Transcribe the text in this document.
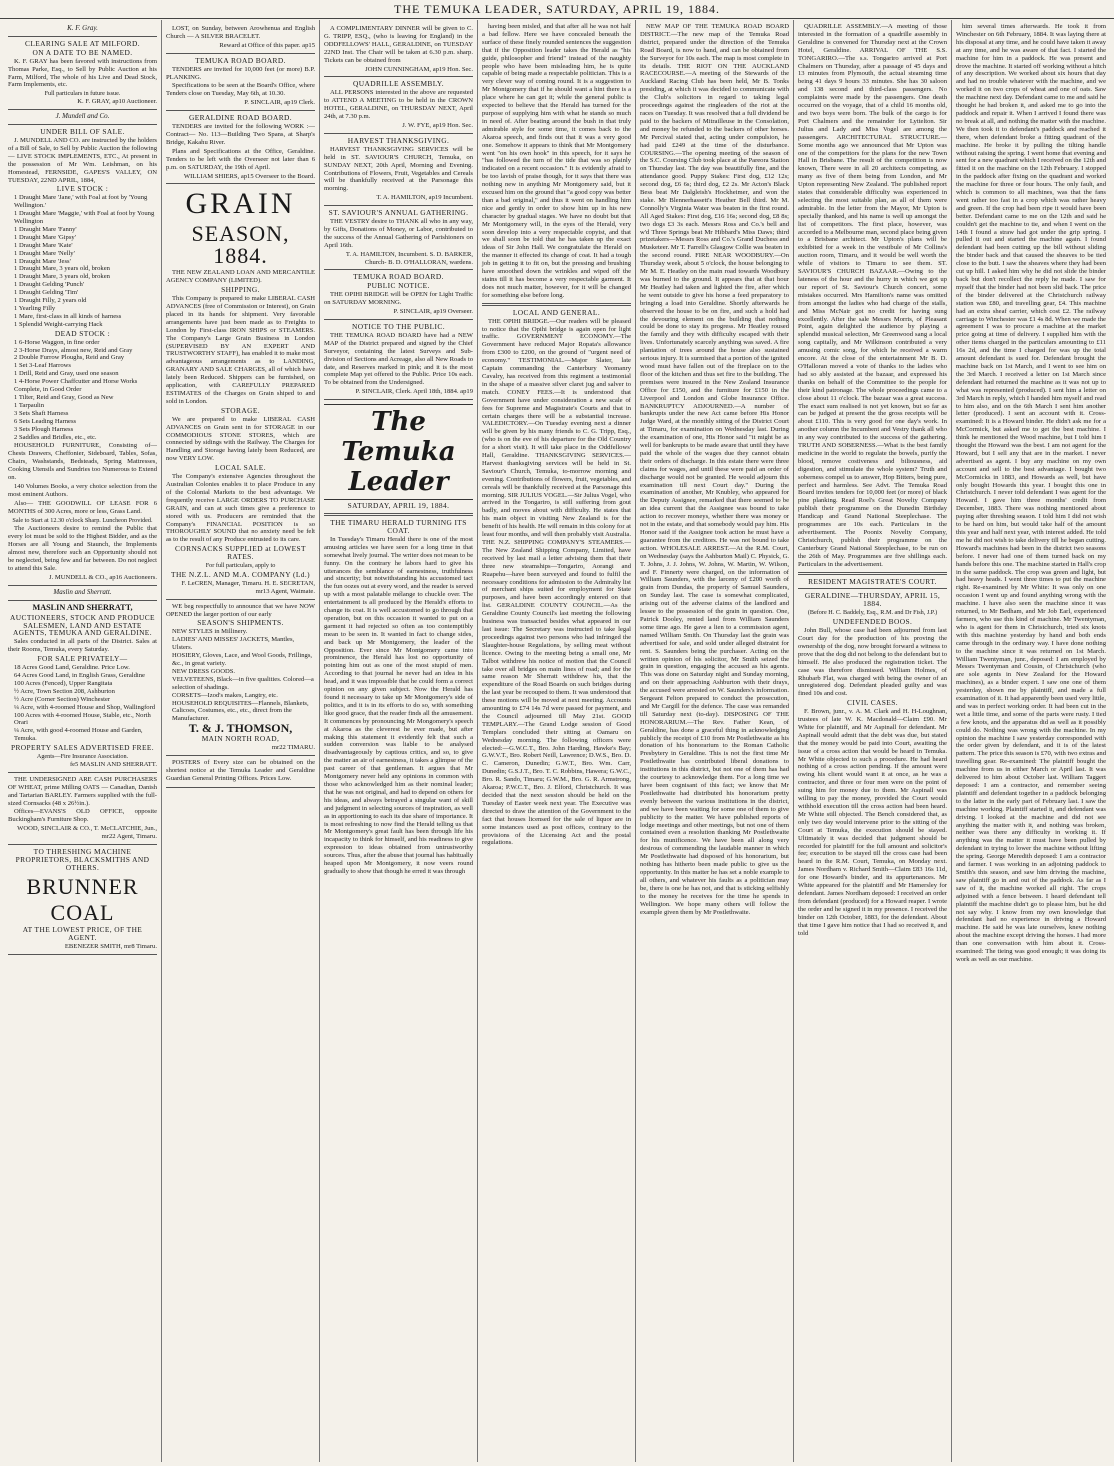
THE TEMUKA LEADER, SATURDAY, APRIL 19, 1884.
K. F. Gray.
CLEARING SALE AT MILFORD.
ON A DATE TO BE NAMED.
K. F. GRAY has been favored with instructions from Thomas Parke, Esq., to Sell by Public Auction at his Farm, Milford, The whole of his Live and Dead Stock, Farm Implements, etc.
Full particulars in future issue.
K. F. GRAY, ap10 Auctioneer.
J. Mundell and Co.
UNDER BILL OF SALE.
J. MUNDELL AND CO. are instructed by the holders of a Bill of Sale, to Sell by Public Auction the following — LIVE STOCK IMPLEMENTS, ETC., At present in the possession of Mr Wm. Leishman, on his Homestead, FERNSIDE, GAPES'S VALLEY, ON TUESDAY, 22ND APRIL, 1884,
LIVE STOCK :
1 Draught Mare 'Jane,' with Foal at foot by 'Young Wellington.'
1 Draught Mare 'Maggie,' with Foal at foot by Young Wellington
1 Draught Mare 'Fanny'
1 Draught Mare 'Gipsy'
1 Draught Mare 'Kate'
1 Draught Mare 'Nelly'
1 Draught Mare 'Jess'
1 Draught Mare, 3 years old, broken
1 Draught Mare, 3 years old, broken
1 Draught Gelding 'Punch'
1 Draught Gelding 'Tim'
1 Draught Filly, 2 years old
1 Yearling Filly
1 Mare, first-class in all kinds of harness
1 Splendid Weight-carrying Hack
DEAD STOCK :
1 6-Horse Waggon, in fine order
2 3-Horse Drays, almost new, Reid and Gray
2 Double Furrow Ploughs, Reid and Gray
1 Set 3-Leaf Harrows
1 Drill, Reid and Gray, used one season
1 4-Horse Power Chaffcutter and Horse Works Complete, in Good Order
1 Tilter, Reid and Gray, Good as New
1 Tarpaulin
3 Sets Shaft Harness
6 Sets Leading Harness
3 Sets Plough Harness
2 Saddles and Bridles, etc., etc.
HOUSEHOLD FURNITURE, Consisting of— Chests Drawers, Cheffonier, Sideboard, Tables, Sofas, Chairs, Washstands, Bedsteads, Spring Mattresses, Cooking Utensils and Sundries too Numerous to Extend on.
140 Volumes Books, a very choice selection from the most eminent Authors.
Also— THE GOODWILL OF LEASE FOR 6 MONTHS of 300 Acres, more or less, Grass Land.
Sale to Start at 12.30 o'clock Sharp. Luncheon Provided.
The Auctioneers desire to remind the Public that every lot must be sold to the Highest Bidder, and as the Horses are all Young and Staunch, the Implements almost new, therefore such an Opportunity should not be neglected, being few and far between. Do not neglect to attend this Sale.
J. MUNDELL & CO., ap16 Auctioneers.
Maslin and Sherratt.
MASLIN AND SHERRATT,
AUCTIONEERS, STOCK AND PRODUCE SALESMEN, LAND AND ESTATE AGENTS, TEMUKA AND GERALDINE.
Sales conducted in all parts of the District. Sales at their Rooms, Temuka, every Saturday.
FOR SALE PRIVATELY—
18 Acres Good Land, Geraldine. Price Low.
64 Acres Good Land, in English Grass, Geraldine
100 Acres (Fenced), Upper Rangitata
½ Acre, Town Section 208, Ashburton
½ Acre (Corner Section) Winchester
¼ Acre, with 4-roomed House and Shop, Wallingford
100 Acres with 4-roomed House, Stable, etc., North Orari
¼ Acre, with good 4-roomed House and Garden, Temuka.
PROPERTY SALES ADVERTISED FREE.
Agents—Fire Insurance Association.
fe5 MASLIN AND SHERRATT.
THE UNDERSIGNED ARE CASH PURCHASERS OF WHEAT, prime Milling OATS — Canadian, Danish and Tartarian BARLEY. Farmers supplied with the full-sized Cornsacks (48 x 26½in.).
Offices—EVANS'S OLD OFFICE, opposite Buckingham's Furniture Shop.
WOOD, SINCLAIR & CO., T. McCLATCHIE, Jun., mr22 Agent, Timaru.
TO THRESHING MACHINE PROPRIETORS, BLACKSMITHS AND OTHERS.
BRUNNER
COAL
AT THE LOWEST PRICE, OF THE AGENT.
EBENEZER SMITH, mr8 Timaru.
LOST, on Sunday, between Arowhenua and English Church — A SILVER BRACELET.
Reward at Office of this paper. ap15
TEMUKA ROAD BOARD.
TENDERS are invited for 10,000 feet (or more) B.P. PLANKING.
Specifications to be seen at the Board's Office, where Tenders close on Tuesday, May 6th, at 10.30.
P. SINCLAIR, ap19 Clerk.
GERALDINE ROAD BOARD.
TENDERS are invited for the following WORK :— Contract— No. 113—Building Two Spans, at Sharp's Bridge, Kakahu River.
Plans and Specifications at the Office, Geraldine. Tenders to be left with the Overseer not later than 6 p.m. on SATURDAY, the 19th of April.
WILLIAM SHIERS, ap15 Overseer to the Board.
GRAIN
SEASON, 1884.
THE NEW ZEALAND LOAN AND MERCANTILE AGENCY COMPANY (LIMITED).
SHIPPING.
This Company is prepared to make LIBERAL CASH ADVANCES (free of Commission or Interest), on Grain placed in its hands for shipment. Very favorable arrangements have just been made as to Freights to London by First-class IRON SHIPS or STEAMERS. The Company's Large Grain Business in London (SUPERVISED BY AN EXPERT AND TRUSTWORTHY STAFF), has enabled it to make most advantageous arrangements as to LANDING, GRANARY AND SALE CHARGES, all of which have lately been Reduced. Shippers can be furnished, on application, with CAREFULLY PREPARED ESTIMATES of the Charges on Grain shiped to and sold in London.
STORAGE.
We are prepared to make LIBERAL CASH ADVANCES on Grain sent in for STORAGE in our COMMODIOUS STONE STORES, which are connected by sidings with the Railway. The Charges for Handling and Storage having lately been Reduced, are now VERY LOW.
LOCAL SALE.
The Company's extensive Agencies throughout the Australian Colonies enables it to place Produce in any of the Colonial Markets to the best advantage. We frequently receive LARGE ORDERS TO PURCHASE GRAIN, and can at such times give a preference to stored with us. Producers are reminded that the Company's FINANCIAL POSITION is so THOROUGHLY SOUND that no anxiety need be felt as to the result of any Produce entrusted to its care.
CORNSACKS SUPPLIED at LOWEST RATES.
For full particulars, apply to
THE N.Z.L. AND M.A. COMPANY (Ld.)
F. LeCREN, Manager, Timaru. H. E. SECRETAN, mr13 Agent, Waimate.
WE beg respectfully to announce that we have NOW OPENED the larger portion of our early
SEASON'S SHIPMENTS.
NEW STYLES in Millinery.
LADIES' AND MISSES' JACKETS, Mantles, Ulsters.
HOSIERY, Gloves, Lace, and Wool Goods, Frillings, &c., in great variety.
NEW DRESS GOODS.
VELVETEENS, Black—in five qualities. Colored—a selection of shadings.
CORSETS—Izod's makes, Langtry, etc.
HOUSEHOLD REQUISITES—Flannels, Blankets, Calicoes, Costumes, etc., etc., direct from the Manufacturer.
T. & J. THOMSON,
MAIN NORTH ROAD,
mr22 TIMARU.
POSTERS of Every size can be obtained on the shortest notice at the Temuka Leader and Geraldine Guardian General Printing Offices. Prices Low.
A COMPLIMENTARY DINNER will be given to C. G. TRIPP, ESQ., (who is leaving for England) in the ODDFELLOWS' HALL, GERALDINE, on TUESDAY 22ND Inst. The Chair will be taken at 6.30 p.m. sharp. Tickets can be obtained from
JOHN CUNNINGHAM, ap19 Hon. Sec.
QUADRILLE ASSEMBLY.
ALL PERSONS interested in the above are requested to ATTEND A MEETING to be held in the CROWN HOTEL, GERALDINE, on THURSDAY NEXT, April 24th, at 7.30 p.m.
J. W. FYE, ap19 Hon. Sec.
HARVEST THANKSGIVING.
HARVEST THANKSGIVING SERVICES will be held in ST. SAVIOUR'S CHURCH, Temuka, on SUNDAY NEXT, 20th April, Morning and Evening. Contributions of Flowers, Fruit, Vegetables and Cereals will be thankfully received at the Parsonage this morning.
T. A. HAMILTON, ap19 Incumbent.
ST. SAVIOUR'S ANNUAL GATHERING.
THE VESTRY desire to THANK all who in any way, by Gifts, Donations of Money, or Labor, contributed to the success of the Annual Gathering of Parishioners on April 16th.
T. A. HAMILTON, Incumbent. S. D. BARKER, Church- B. D. O'HALLORAN, wardens.
TEMUKA ROAD BOARD.
PUBLIC NOTICE.
THE OPIHI BRIDGE will be OPEN for Light Traffic on SATURDAY MORNING.
P. SINCLAIR, ap19 Overseer.
NOTICE TO THE PUBLIC.
THE TEMUKA ROAD BOARD have had a NEW MAP of the District prepared and signed by the Chief Surveyor, containing the latest Surveys and Sub-division of Sections and Acreage, also all New Roads to date, and Reserves marked in pink; and it is the most complete Map yet offered to the Public. Price 10s each. To be obtained from the Undersigned.
P. SINCLAIR, Clerk. April 18th, 1884. ap19
The Temuka Leader
SATURDAY, APRIL 19, 1884.
THE TIMARU HERALD TURNING ITS COAT.
In Tuesday's Timaru Herald there is one of the most amusing articles we have seen for a long time in that somewhat lively journal. The writer does not mean to be funny. On the contrary he labors hard to give his utterances the semblance of earnestness, truthfulness and sincerity; but notwithstanding his accustomed tact the fun oozes out at every word, and the reader is served up with a most palatable mélange to chuckle over. The entertainment is all produced by the Herald's efforts to change its coat. It is well accustomed to go through that operation, but on this occasion it wanted to put on a garment it had rejected so often as too contemptibly mean to be seen in. It wanted in fact to change sides, and back up Mr Montgomery, the leader of the Opposition. Ever since Mr Montgomery came into prominence, the Herald has lost no opportunity of pointing him out as one of the most stupid of men. According to that journal he never had an idea in his head, and it was impossible that he could form a correct opinion on any given subject. Now the Herald has found it necessary to take up Mr Montgomery's side of politics, and it is in its efforts to do so, with something like good grace, that the reader finds all the amusement. It commences by pronouncing Mr Mongomery's speech at Akaroa as the cleverest he ever made, but after making this statement it evidently felt that such a sudden conversion was liable to be analysed disadvantageously by captious critics, and so, to give the matter an air of earnestness, it takes a glimpse of the past career of that gentleman. It argues that Mr Montgomery never held any opinions in common with those who acknowledged him as their nominal leader; that he was not original, and had to depend on others for his ideas, and always betrayed a singular want of skill and judgment in selecting sources of inspiration, as well as in apportioning to each its due share of importance. It is most refreshing to now find the Herald telling us that Mr Montgomery's great fault has been through life his incapacity to think for himself, and his readiness to give expression to ideas obtained from untrustworthy sources. Thus, after the abuse that journal has habitually heaped upon Mr Montgomery, it now veers round gradually to show that though he erred it was through
having been misled, and that after all he was not half a bad fellow. Here we have concealed beneath the surface of these finely rounded sentences the suggestion that if the Opposition leader takes the Herald as "his guide, philosopher and friend" instead of the naughty people who have been misleading him, he is quite capable of being made a respectable politician. This is a very clever way of coming round. It is a suggestion to Mr Montgomery that if he should want a hint there is a place where he can get it; while the general public is expected to believe that the Herald has turned for the purpose of supplying him with what he stands so much in need of. After beating around the bush in that truly admirable style for some time, it comes back to the Akaroa speech, and finds out that it was a very good one. Somehow it appears to think that Mr Montgomery went "on his own hook" in this speech, for it says he "has followed the turn of the tide that was so plainly indicated on a recent occasion." It is evidently afraid to be too lavish of praise though, for it says that there was nothing new in anything Mr Montgomery said, but it excused him on the ground that "a good copy was better than a bad original," and thus it went on handling him nice and gently in order to show him up in his new character by gradual stages. We have no doubt but that Mr Montgomery will, in the eyes of the Herald, very soon develop into a very respectable copyist, and that we shall soon be told that he has taken up the exact ideas of Sir John Hall. We congratulate the Herald on the manner it effected its change of coat. It had a tough job in getting it to fit on, but the pressing and brushing have smoothed down the wrinkles and wiped off the stains till it has become a very respectable garment. It does not much matter, however, for it will be changed for something else before long.
LOCAL AND GENERAL.
THE OPIHI BRIDGE.—Our readers will be pleased to notice that the Opihi bridge is again open for light traffic. GOVERNMENT ECONOMY.—The Government have reduced Major Ropata's allowance from £300 to £200, on the ground of "urgent need of economy." TESTIMONIAL.—Major Slater, late Captain commanding the Canterbury Yeomanry Cavalry, has received from this regiment a testimonial in the shape of a massive silver claret jug and salver to match. CONEY FEES.—It is understood that Government have under consideration a new scale of fees for Supreme and Magistrate's Courts and that in certain charges there will be a substantial increase. VALEDICTORY.—On Tuesday evening next a dinner will be given by his many friends to C. G. Tripp, Esq., (who is on the eve of his departure for the Old Country for a short visit). It will take place in the Oddfellows' Hall, Geraldine. THANKSGIVING SERVICES.—Harvest thanksgiving services will be held in St. Saviour's Church, Temuka, to-morrow morning and evening. Contributions of flowers, fruit, vegetables, and cereals will be thankfully received at the Parsonage this morning. SIR JULIUS VOGEL.—Sir Julius Vogel, who arrived in the Tongariro, is still suffering from gout badly, and moves about with difficulty. He states that his main object in visiting New Zealand is for the benefit of his health. He will remain in this colony for at least four months, and will then probably visit Australia. THE N.Z. SHIPPING COMPANY'S STEAMERS.—The New Zealand Shipping Company, Limited, have received by last mail a letter advising them that their three new steamships—Tongariro, Aorangi and Ruapehu—have been surveyed and found to fulfil the necessary conditions for admission to the Admiralty list of merchant ships suited for employment for State purposes, and have been accordingly entered on that list. GERALDINE COUNTY COUNCIL.—As the Geraldine County Council's last meeting the following business was transacted besides what appeared in our last issue: The Secretary was instructed to take legal proceedings against two persons who had infringed the Slaughter-house Regulations, by selling meat without licence. Owing to the meeting being a small one, Mr Talbot withdrew his notice of motion that the Council take over all bridges on main lines of road; and for the same reason Mr Sherratt withdrew his, that the expenditure of the Road Boards on such bridges during the last year be recouped to them. It was understood that these motions will be moved at next meeting. Accounts amounting to £74 14s 7d were passed for payment, and the Council adjourned till May 21st. GOOD TEMPLARY.—The Grand Lodge session of Good Templars concluded their sitting at Oamaru on Wednesday morning. The following officers were elected:—G.W.C.T., Bro. John Harding, Hawke's Bay; G.W.V.T., Bro. Robert Neill, Lawrence; D.W.S., Bro. D. C. Cameron, Dunedin; G.W.T., Bro. Wm. Carr, Dunedin; G.S.J.T., Bro. T. C. Robbins, Hawera; G.W.C., Bro. R. Sando, Timaru; G.W.M., Bro. G. R. Armstrong, Akaroa; P.W.C.T., Bro. J. Elford, Christchurch. It was decided that the next session should be held on the Tuesday of Easter week next year. The Executive was directed to draw the attention of the Government to the fact that houses licensed for the sale of liquor are in some instances used as post offices, contrary to the provisions of the Licensing Act and the postal regulations.
NEW MAP OF THE TEMUKA ROAD BOARD DISTRICT.—The new map of the Temuka Road district, prepared under the direction of the Temuka Road Board, is now to hand, and can be obtained from the Surveyor for 10s each. The map is most complete in its details. THE RIOT ON THE AUCKLAND RACECOURSE.—A meeting of the Stewards of the Auckland Racing Club has been held, Mr B. Tonks presiding, at which it was decided to communicate with the Club's solicitors in regard to taking legal proceedings against the ringleaders of the riot at the races on Tuesday. It was resolved that a full dividend be paid to the backers of Mitrailleuse in the Consolation, and money be refunded to the backers of other horses. Mr Percival stated that, acting under compulsion, he had paid £249 at the time of the disturbance. COURSING.—The opening meeting of the season of the S.C. Coursing Club took place at the Pareora Station on Thursday last. The day was beautifully fine, and the attendance good. Puppy Stakes: First dog, £12 12s; second dog, £6 6s; third dog, £2 2s. Mr Acton's Black Bess beat Mr Dalgleish's Hockheimer, and won the stake. Mr Blennerhassett's Heather Bell third. Mr M. Connolly's Virginia Water was beaten in the first round. All Aged Stakes: First dog, £16 16s; second dog, £8 8s; two dogs £3 3s each. Messrs Ross and Co.'s bell and w'd Three Springs beat Mr Hibbard's Miss Daws; third prizetakers—Messrs Ross and Co.'s Grand Duchess and Musketeer. Mr T. Farrell's Glasgow Collie was beaten in the second round. FIRE NEAR WOODBURY.—On Thursday week, about 5 o'clock, the house belonging to Mr M. E. Heatley on the main road towards Woodbury was burned to the ground. It appears that at that hour Mr Heatley had taken and lighted the fire, after which he went outside to give his horse a feed preparatory to bringing a load into Geraldine. Shortly afterwards he observed the house to be on fire, and such a hold had the devouring element on the building that nothing could be done to stay its progress. Mr Heatley roused the family and they with difficulty escaped with their lives. Unfortunately scarcely anything was saved. A fire plantation of trees around the house also sustained serious injury. It is surmised that a portion of the ignited wood must have fallen out of the fireplace on to the floor of the kitchen and thus set fire to the building. The premises were insured in the New Zealand Insurance Office for £150, and the furniture for £150 in the Liverpool and London and Globe Insurance Office. BANKRUPTCY ADJOURNED.—A number of bankrupts under the new Act came before His Honor Judge Ward, at the monthly sitting of the District Court at Timaru, for examination on Wednesday last. During the examination of one, His Honor said "it might be as well for bankrupts to be made aware that until they have paid the whole of the wages due they cannot obtain their orders of discharge. In this estate there were three claims for wages, and until these were paid an order of discharge would not be granted. He would adjourn this examination till next Court day." During the examination of another, Mr Knubley, who appeared for the Deputy Assignee, remarked that there seemed to be an idea current that the Assignee was bound to take action to recover moneys, whether there was money or not in the estate, and that somebody would pay him. His Honor said if the Assignee took action he must have a guarantee from the creditors. He was not bound to take action. WHOLESALE ARREST.—At the R.M. Court, on Wednesday (says the Ashburton Mail) C. Physick, G. T. Johns, J. J. Johns, W. Johns, W. Martin, W. Wilson, and F. Finnerty were charged, on the information of William Saunders, with the larceny of £200 worth of grain from Dundas, the property of Samuel Saunders, on Sunday last. The case is somewhat complicated, arising out of the adverse claims of the landlord and lessee to the possession of the grain in question. One, Patrick Dooley, rented land from William Saunders some time ago. He gave a lien to a commission agent, named William Smith. On Thursday last the grain was advertised for sale, and sold under alleged distraint for rent. S. Saunders being the purchaser. Acting on the written opinion of his solicitor, Mr Smith seized the grain in question, engaging the accused as his agents. This was done on Saturday night and Sunday morning, and on their approaching Ashburton with their drays, the accused were arrested on W. Saunders's information. Sergeant Felton prepared to conduct the prosecution, and Mr Cargill for the defence. The case was remanded till Saturday next (to-day). DISPOSING OF THE HONORARIUM.—The Rev. Father Kean, of Geraldine, has done a graceful thing in acknowledging publicly the receipt of £10 from Mr Postlethwaite as his donation of his honorarium to the Roman Catholic Presbytery in Geraldine. This is not the first time Mr Postlethwaite has contributed liberal donations to institutions in this district, but not one of them has had the courtesy to acknowledge them. For a long time we have been cognisant of this fact; we know that Mr Postlethwaite had distributed his honorarium pretty evenly between the various institutions in the district, and we have been waiting for some one of them to give publicity to the matter. We have published reports of lodge meetings and other meetings, but not one of them contained even a resolution thanking Mr Postlethwaite for his munificence. We have been all along very desirous of commending the laudable manner in which Mr Postlethwaite had disposed of his honorarium, but nothing has hitherto been made public to give us the opportunity. In this matter he has set a noble example to all others, and whatever his faults as a politician may be, there is one he has not, and that is sticking selfishly to the money he receives for the time he spends in Wellington. We hope many others will follow the example given them by Mr Postlethwaite.
QUADRILLE ASSEMBLY.—A meeting of those interested in the formation of a quadrille assembly in Geraldine is convened for Thursday next at the Crown Hotel, Geraldine. ARRIVAL OF THE S.S. TONGARIRO.—The s.s. Tongariro arrived at Port Chalmers on Thursday, after a passage of 45 days and 13 minutes from Plymouth, the actual steaming time being 41 days 9 hours 33 minutes. She has 30 saloon and 138 second and third-class passengers. No complaints were made by the passengers. One death occurred on the voyage, that of a child 16 months old, and two boys were born. The bulk of the cargo is for Port Chalmers and the remainder for Lyttelton. Sir Julius and Lady and Miss Vogel are among the passengers. ARCHITECTURAL STRUCTURE.—Some months ago we announced that Mr Upton was one of the competitors for the plans for the new Town Hall in Brisbane. The result of the competition is now known, There were in all 20 architects competing, as many as five of them being from London, and Mr Upton representing New Zealand. The published report states that considerable difficulty was experienced in selecting the most suitable plan, as all of them were admirable. In the letter from the Mayor, Mr Upton is specially thanked, and his name is well up amongst the list of competitors. The first place, however, was accorded to a Melbourne man, second place being given to a Brisbane architect. Mr Upton's plans will be exhibited for a week in the vestibule of Mr Collins's auction room, Timaru, and it would be well worth the while of visitors to Timaru to see them. ST. SAVIOUR'S CHURCH BAZAAR.—Owing to the lateness of the hour and the hurry in which we got up our report of St. Saviour's Church concert, some mistakes occurred. Mrs Hamilton's name was omitted from amongst the ladies who had charge of the stalls, and Miss McNair got no credit for having sung excellently. After the sale Messrs Morris, of Pleasant Point, again delighted the audience by playing a splendid musical selection, Mr Greenwood sang a local song capitally, and Mr Wilkinson contributed a very amusing comic song, for which he received a warm encore. At the close of the entertainment Mr B. D. O'Halloran moved a vote of thanks to the ladies who had so ably assisted at the bazaar, and expressed his thanks on behalf of the Committee to the people for their kind patronage. The whole proceedings came to a close about 11 o'clock. The bazaar was a great success. The exact sum realised is not yet known, but so far as can be judged at present the the gross receipts will be about £110. This is very good for one day's work. In another column the Incumbent and Vestry thank all who in any way contributed to the success of the gathering. TRUTH AND SOBERNESS.—What is the best family medicine in the world to regulate the bowels, purify the blood, remove costiveness and biliousness, aid digestion, and stimulate the whole system? Truth and soberness compel us to answer, Hop Bitters, being pure, perfect and harmless. See Advt. The Temuka Road Board invites tenders for 10,000 feet (or more) of black pine planking. Read Roel's Great Novelty Company publish their programme on the Dunedin Birthday Handicap and Grand National Steeplechase. The programmes are 10s each. Particulars in the advertisement. The Poonix Novelty Company, Christchurch, publish their programme on the Canterbury Grand National Steeplechase, to be run on the 26th of May. Programmes are five shillings each. Particulars in the advertisement.
RESIDENT MAGISTRATE'S COURT.
GERALDINE—THURSDAY, APRIL 15, 1884.
(Before H. C. Baddely, Esq., R.M. and Dr Fish, J.P.)
UNDEFENDED BOOS.
John Bull, whose case had been adjourned from last Court day for the production of his proving the ownership of the dog, now brought forward a witness to prove that the dog did not belong to the defendant but to himself. He also produced the registration ticket. The case was therefore dismissed. William Holmes, of Rhubarb Flat, was charged with being the owner of an unregistered dog. Defendant pleaded guilty and was fined 10s and cost.
CIVIL CASES.
F. Brown, junr., v. A. M. Clark and H. H-Loughnan, trustees of late W. K. Macdonald—Claim £90. Mr White for plaintiff, and Mr Aspinall for defendant. Mr Aspinall would admit that the debt was due, but stated that the money would be paid into Court, awaiting the issue of a cross action that would be heard in Temuka. Mr White objected to such a procedure. He had heard nothing of a cross action pending. If the amount were owing his client would want it at once, as he was a contractor, and three or four men were on the point of suing him for money due to them. Mr Aspinall was willing to pay the money, provided the Court would withhold execution till the cross action had been heard. Mr White still objected. The Bench considered that, as only two day would intervene prior to the sitting of the Court at Temuka, the execution should be stayed. Ultimately it was decided that judgment should be recorded for plaintiff for the full amount and solicitor's fee; execution to be stayed till the cross case had been heard in the R.M. Court, Temuka, on Monday next. James Nordham v. Richard Smith—Claim £83 16s 11d, for one Howard's binder, and its appurtenances. Mr White appeared for the plaintiff and Mr Hamersley for defendant. James Nordham deposed: I received an order from defendant (produced) for a Howard reaper. I wrote the order and he signed it in my presence. I received the binder on 12th October, 1883, for the defendant. About that time I gave him notice that I had so received it, and told
him several times afterwards. He took it from Winchester on 6th February, 1884. It was laying there at his disposal at any time, and he could have taken it away at any time, and he was aware of that fact. I started the machine for him in a paddock. He was present and drove the machine. It started off working without a hitch of any description. We worked about six hours that day and had no trouble whatever with the machine, and we worked it on two crops of wheat and one of oats. Saw the machine next day. Defendant came to me and said he thought he had broken it, and asked me to go into the paddock and repair it. When I arrived I found there was no break at all, and nothing the matter with the machine. We then took it to defendant's paddock and reached it there, when defendant broke a fitting quadrant of the machine. He broke it by pulling the tilting handle without raising the spring. I went home that evening and sent for a new quadrant which I received on the 12th and fitted it on the machine on the 12th February. I stopped in the paddock after fixing on the quadrant and worked the machine for three or four hours. The only fault, and which is common to all machines, was that the fans went rather too fast in a crop which was rather heavy and green. If the crop had been ripe it would have been better. Defendant came to me on the 12th and said he couldn't get the machine to tie, and when I went on the 14th I found a straw had got under the grip spring. I pulled it out and started the machine again. I found defendant had been cutting up the bill without sliding the binder back and that caused the sheaves to be tied close to the butt. I saw the sheaves where they had been cut up hill. I asked him why he did not slide the binder back but don't recollect the reply he made. I saw for myself that the binder had not been slid back. The price of the binder delivered at the Christchurch railway station was £80, and travelling gear, £4. This machine had an extra sheaf carrier, which cost £2. The railway carriage to Winchester was £1 4s 8d. When we made the agreement I was to procure a machine at the market price going at time of delivery. I supplied him with the other items charged in the particulars amounting to £11 16s 2d, and the time I charged for was up the total amount defendant is sued for. Defendant brought the machine back on 1st March, and I went to see him on the 3rd March. I received a letter on 1st March since defendant had returned the machine as it was not up to what was represented (produced). I sent him a letter on 3rd March in reply, which I handed him myself and read to him also, and on the 6th March I sent him another letter (produced). I sent an account with it. Cross-examined: It is a Howard binder. He didn't ask me for a McCormick, but asked me to get the best machine. I think he mentioned the Wood machine, but I told him I thought the Howard was the best. I am not agent for the Howard, but I sell any that are in the market. I never advertised as agent. I buy any machine on my own account and sell to the best advantage. I bought two McCormicks in 1883, and Howards as well, but have only bought Howards this year. I bought this one in Christchurch. I never told defendant I was agent for the Howard. I gave him three months' credit from December, 1883. There was nothing mentioned about paying after threshing season. I told him I did not wish to be hard on him, but would take half of the amount this year and half next year, with interest added. He told me he did not wish to take delivery till he began cutting. Howard's machines had been in the district two seasons before. I never had one of them turned back on my hands before this one. The machine started in Hall's crop in the same paddock. The crop was green and light, but had heavy heads. I went three times to put the machine right. Re-examined by Mr White: It was only on one occasion I went up and found anything wrong with the machine. I have also seen the machine since it was returned, to Mr Bedham, and Mr Job Earl, experienced farmers, who use this kind of machine. Mr Twentyman, who is agent for them in Christchurch, tried six knots with this machine yesterday by hand and both ends came through in the ordinary way. I have done nothing to the machine since it was returned on 1st March. William Twentyman, junr., deposed: I am employed by Messrs Twentyman and Cousin, of Christchurch (who are sole agents in New Zealand for the Howard machines), as a binder expert. I saw one one of them yesterday, shown me by plaintiff, and made a full examination of it. It had apparently been used very little, and was in perfect working order. It had been cut in the wet a little time, and some of the parts were rusty. I tied a few knots, and the apparatus did as well as it possibly could do. Nothing was wrong with the machine. In my opinion the machine I saw yesterday corresponded with the order given by defendant, and it is of the latest pattern. The price this season is £70, with two extras and travelling gear. Re-examined: The plaintiff bought the machine from us in either March or April last. It was delivered to him about October last. William Taggert deposed: I am a contractor, and remember seeing plaintiff and defendant together in a paddock belonging to the latter in the early part of February last. I saw the machine working. Plaintiff started it, and defendant was driving. I looked at the machine and did not see anything the matter with it, and nothing was broken, neither was there any difficulty in working it. If anything was the matter it must have been pulled by defendant in trying to lower the machine without lifting the spring. George Meredith deposed: I am a contractor and farmer. I was working in an adjoining paddock to Smith's this season, and saw him driving the machine, saw plaintiff go in and out of the paddock. As far as I saw of it, the machine worked all right. The crops adjoined with a fence between. I heard defendant tell plaintiff the machine didn't go to please him, but he did not say why. I know from my own knowledge that defendant had no experience in driving a Howard machine. He said he was late ourselves, knew nothing about the machine except driving the horses. I had more than one conversation with him about it. Cross-examined: The tieing was good enough; it was doing its work as well as our machine.
